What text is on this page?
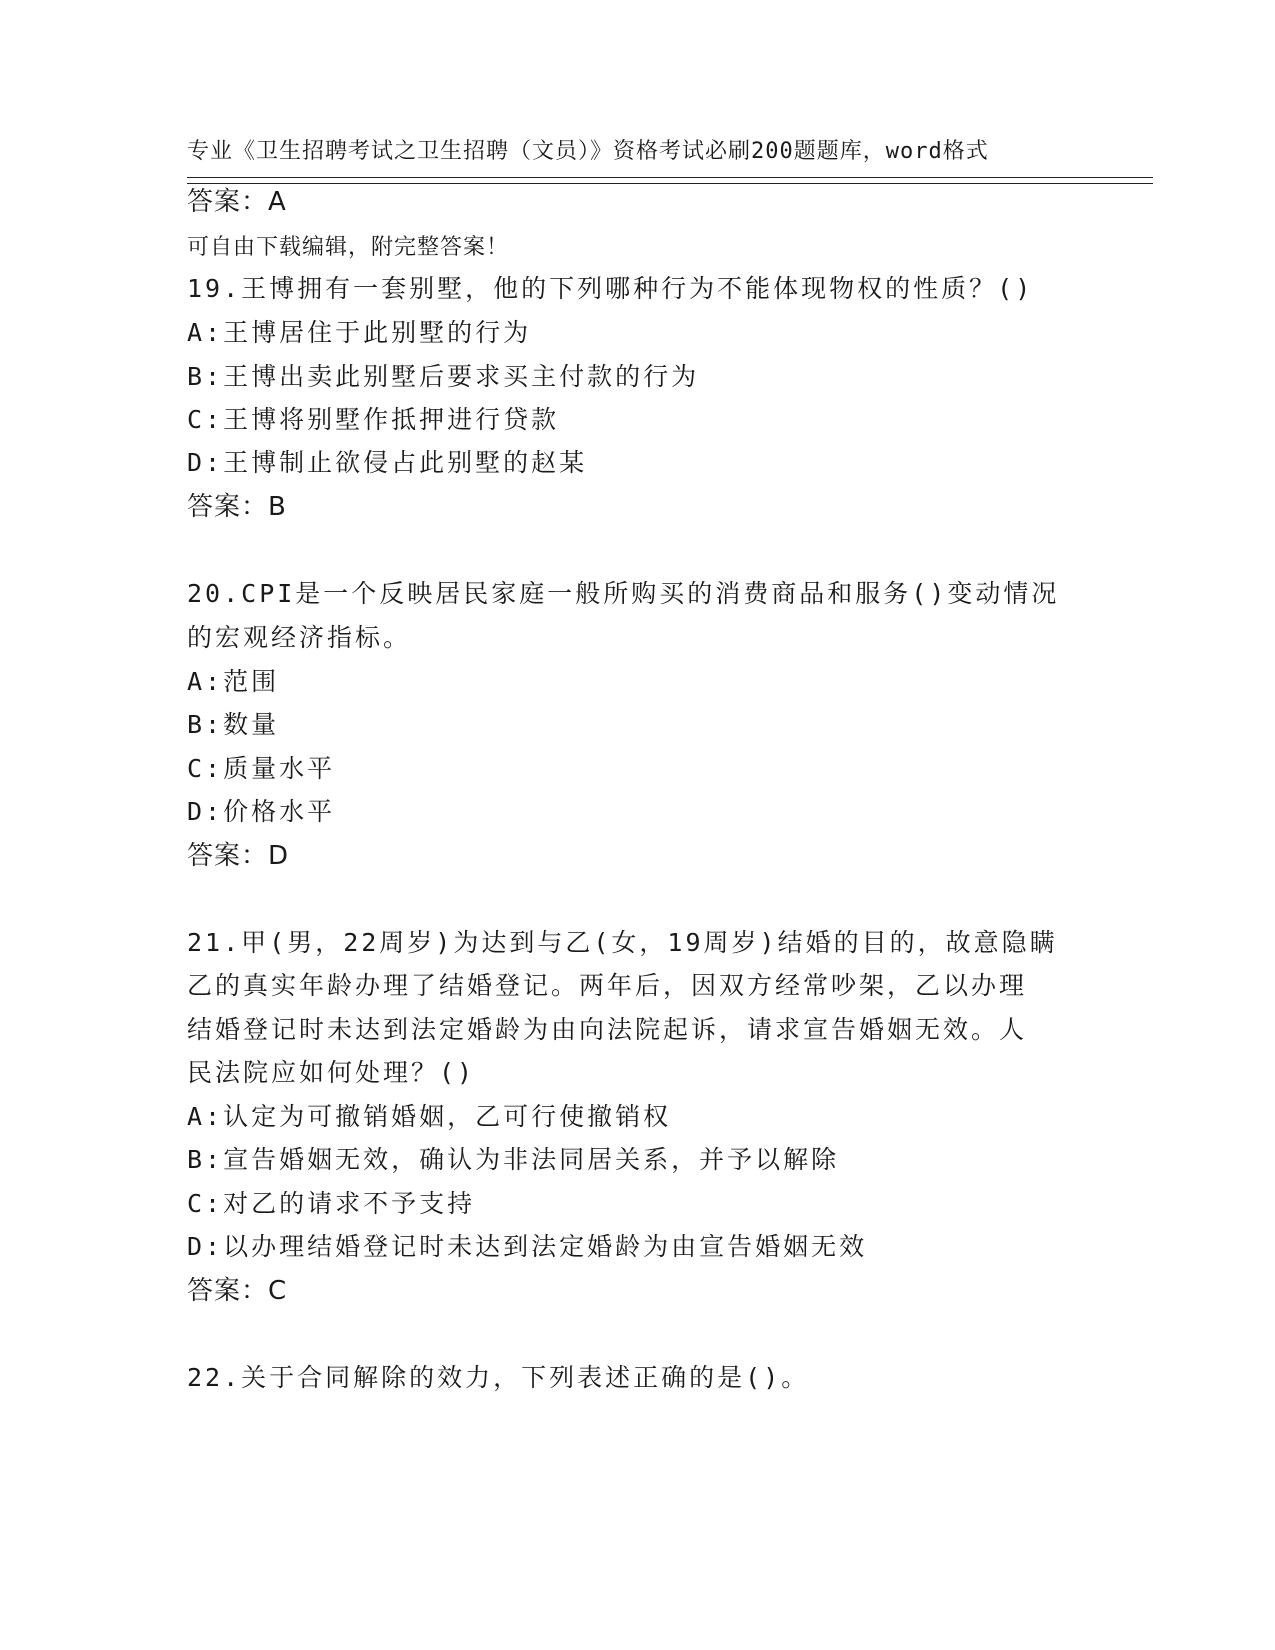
专业《卫生招聘考试之卫生招聘（文员）》资格考试必刷200题题库，word格式

可自由下载编辑，附完整答案！

答案：A
19.王博拥有一套别墅，他的下列哪种行为不能体现物权的性质？()
A:王博居住于此别墅的行为
B:王博出卖此别墅后要求买主付款的行为
C:王博将别墅作抵押进行贷款
D:王博制止欲侵占此别墅的赵某
答案：B
20.CPI是一个反映居民家庭一般所购买的消费商品和服务()变动情况
的宏观经济指标。
A:范围
B:数量
C:质量水平
D:价格水平
答案：D
21.甲(男，22周岁)为达到与乙(女，19周岁)结婚的目的，故意隐瞒
乙的真实年龄办理了结婚登记。两年后，因双方经常吵架，乙以办理
结婚登记时未达到法定婚龄为由向法院起诉，请求宣告婚姻无效。人
民法院应如何处理？()
A:认定为可撤销婚姻，乙可行使撤销权
B:宣告婚姻无效，确认为非法同居关系，并予以解除
C:对乙的请求不予支持
D:以办理结婚登记时未达到法定婚龄为由宣告婚姻无效
答案：C
22.关于合同解除的效力，下列表述正确的是()。
